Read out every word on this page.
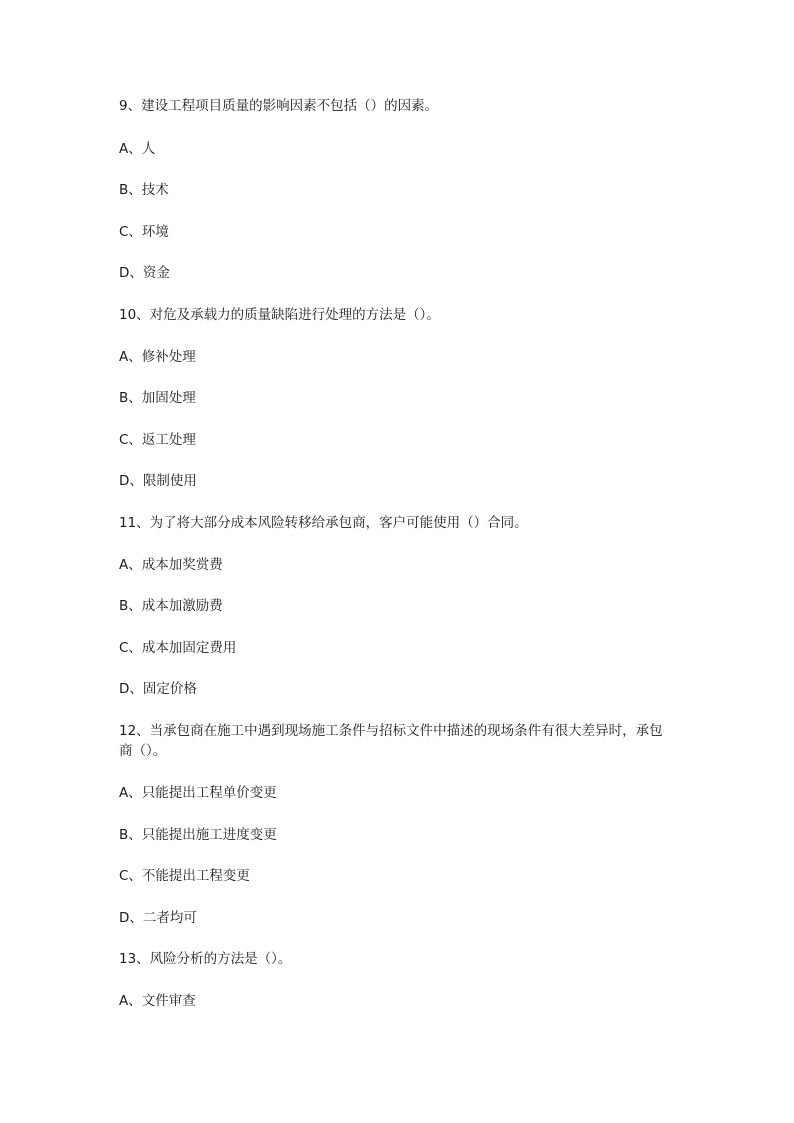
9、建设工程项目质量的影响因素不包括（）的因素。
A、人
B、技术
C、环境
D、资金
10、对危及承载力的质量缺陷进行处理的方法是（）。
A、修补处理
B、加固处理
C、返工处理
D、限制使用
11、为了将大部分成本风险转移给承包商，客户可能使用（）合同。
A、成本加奖赏费
B、成本加激励费
C、成本加固定费用
D、固定价格
12、当承包商在施工中遇到现场施工条件与招标文件中描述的现场条件有很大差异时，承包商（）。
A、只能提出工程单价变更
B、只能提出施工进度变更
C、不能提出工程变更
D、二者均可
13、风险分析的方法是（）。
A、文件审查
